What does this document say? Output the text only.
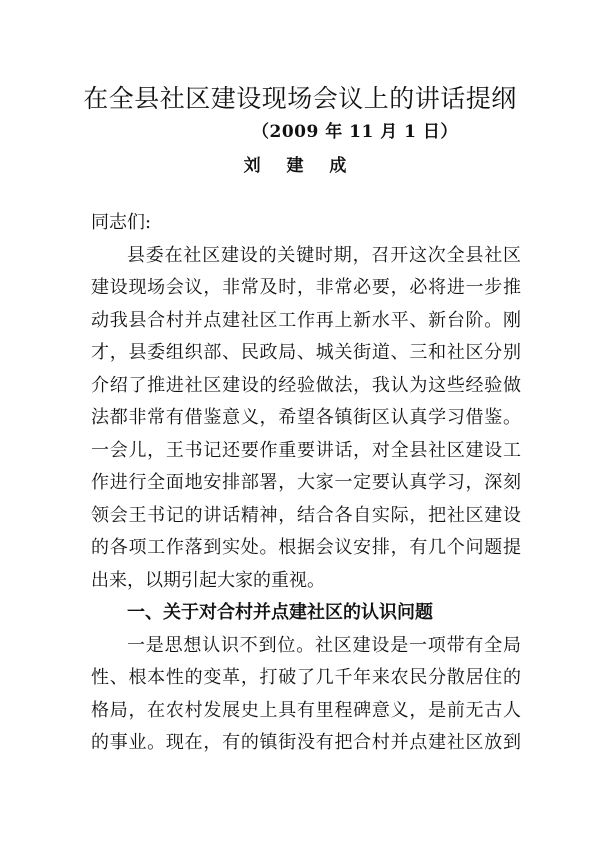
在全县社区建设现场会议上的讲话提纲
（2009 年 11 月 1 日）
刘 建 成
同志们:
县委在社区建设的关键时期，召开这次全县社区
建设现场会议，非常及时，非常必要，必将进一步推
动我县合村并点建社区工作再上新水平、新台阶。刚
才，县委组织部、民政局、城关街道、三和社区分别
介绍了推进社区建设的经验做法，我认为这些经验做
法都非常有借鉴意义，希望各镇街区认真学习借鉴。
一会儿，王书记还要作重要讲话，对全县社区建设工
作进行全面地安排部署，大家一定要认真学习，深刻
领会王书记的讲话精神，结合各自实际，把社区建设
的各项工作落到实处。根据会议安排，有几个问题提
出来，以期引起大家的重视。
一、关于对合村并点建社区的认识问题
一是思想认识不到位。社区建设是一项带有全局
性、根本性的变革，打破了几千年来农民分散居住的
格局，在农村发展史上具有里程碑意义，是前无古人
的事业。现在，有的镇街没有把合村并点建社区放到
